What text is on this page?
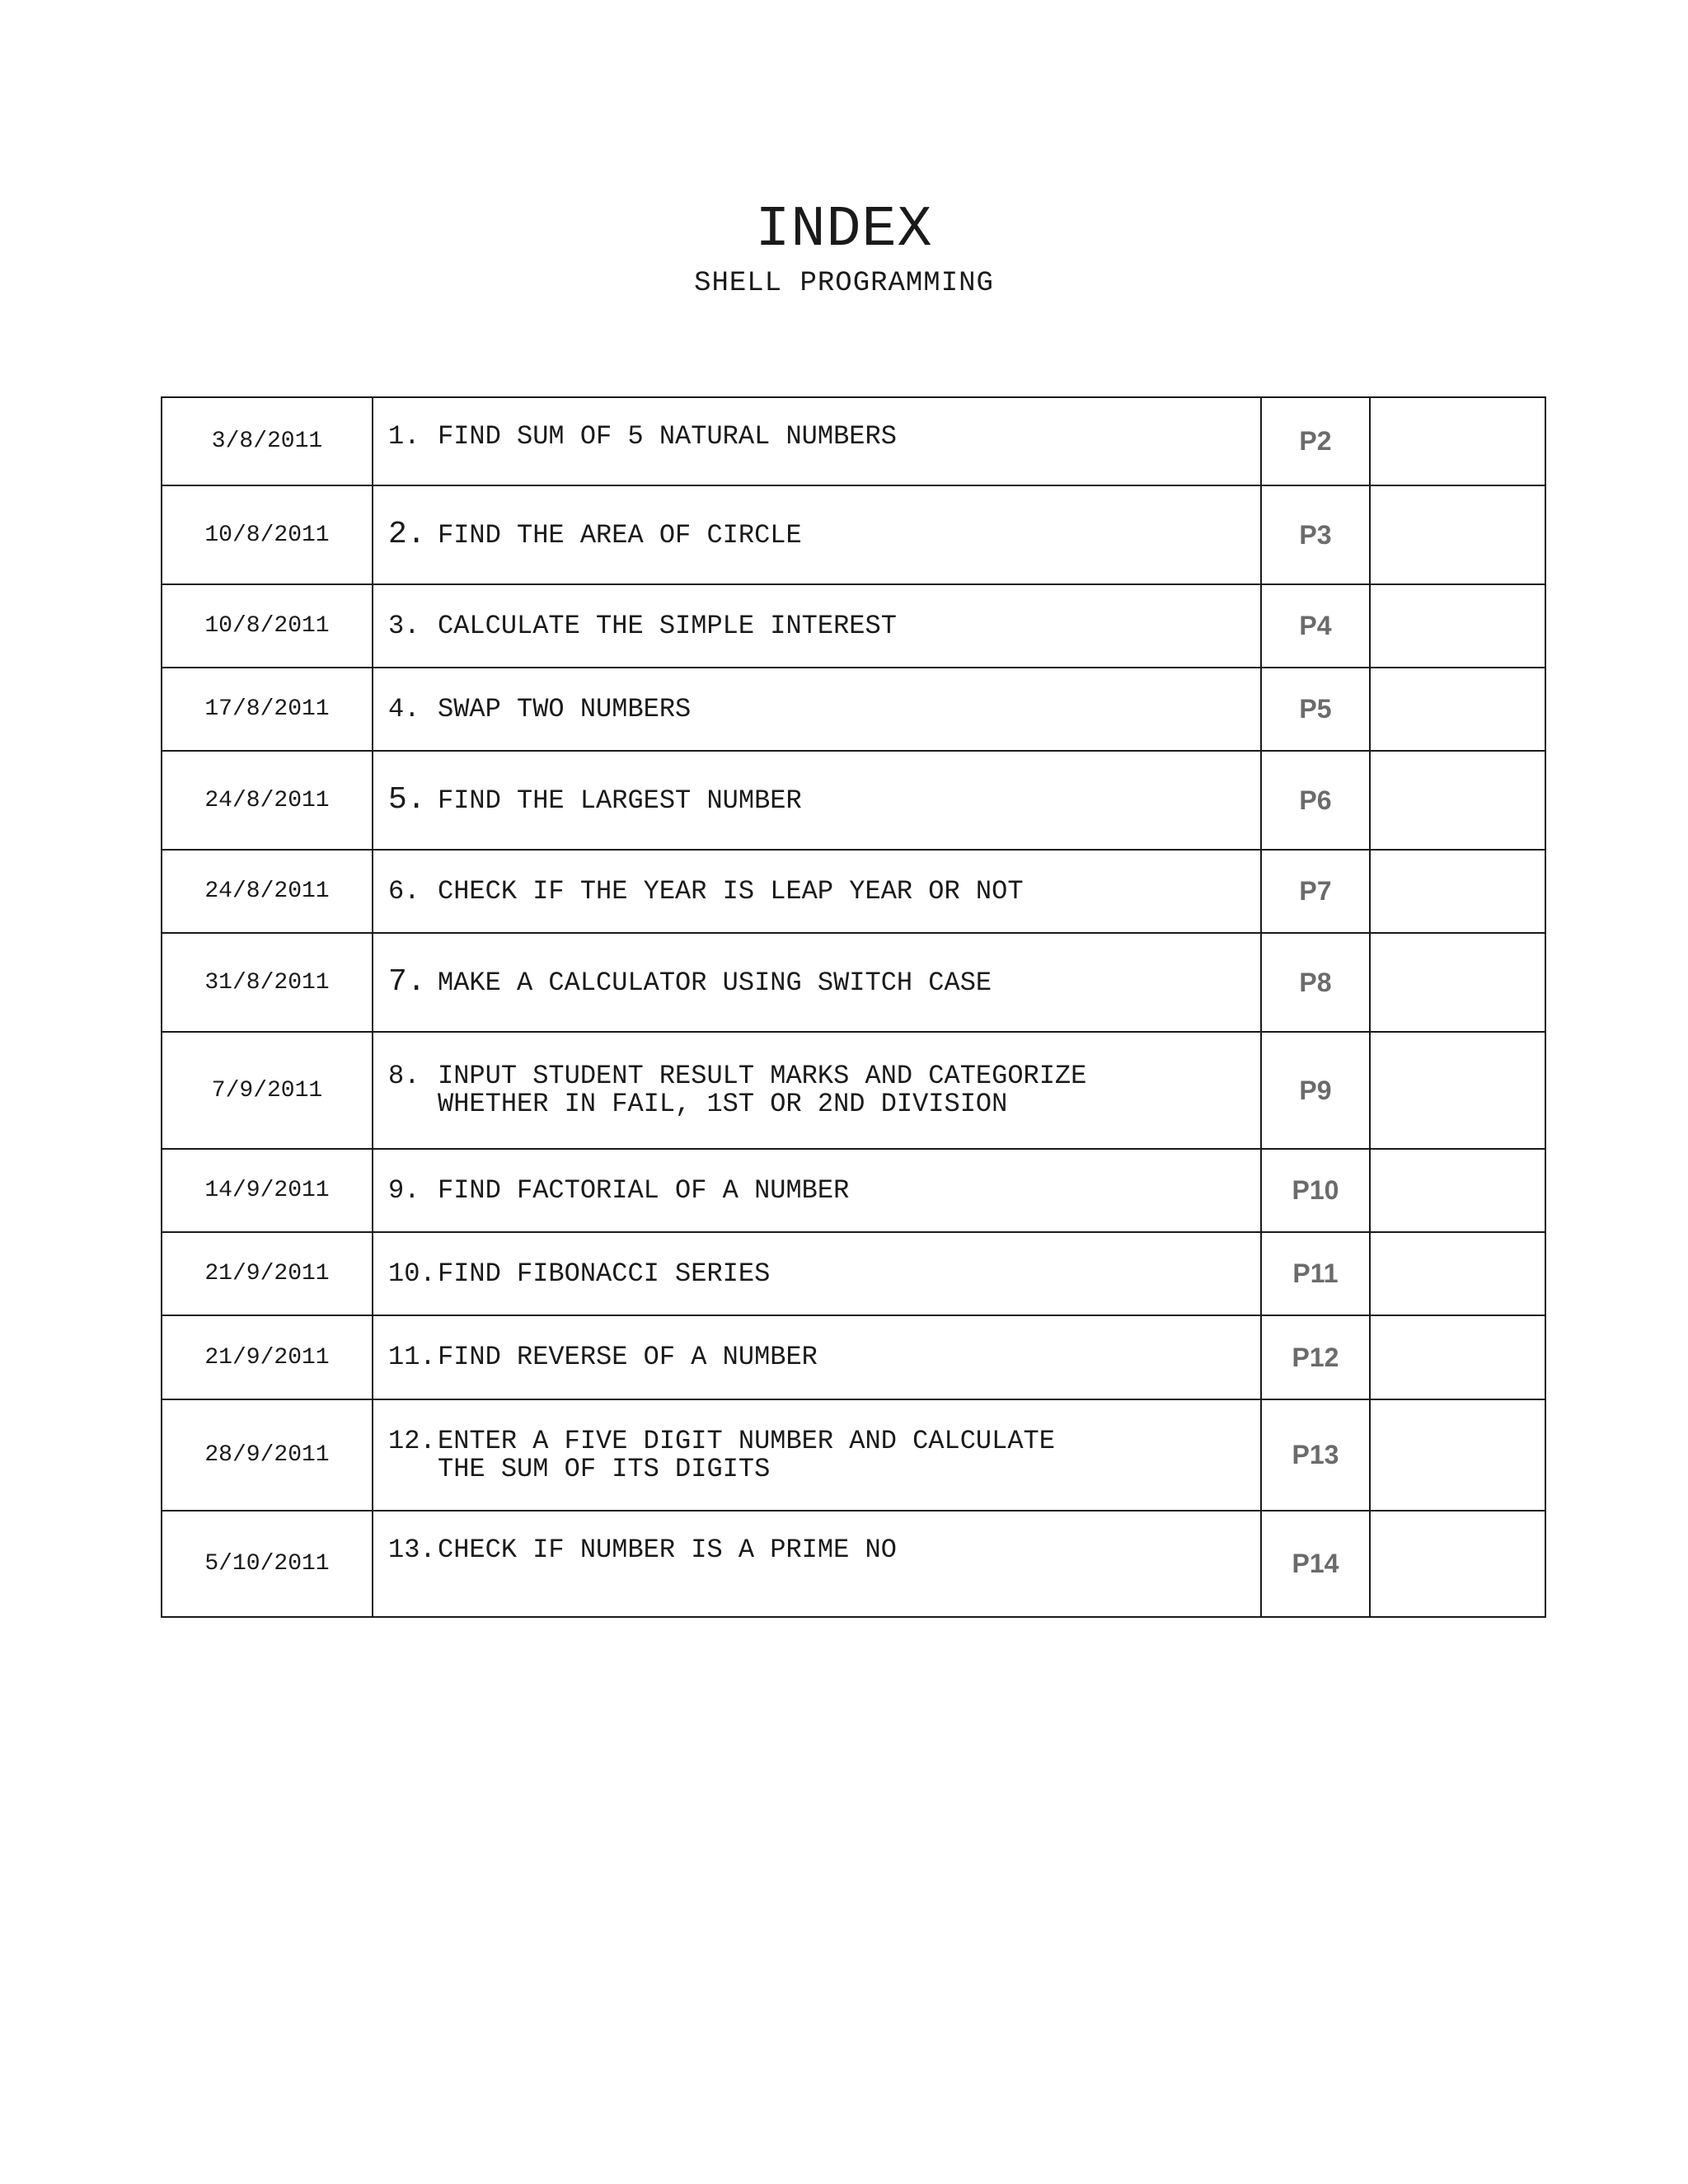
INDEX
SHELL PROGRAMMING
3/8/2011	1. FIND SUM OF 5 NATURAL NUMBERS	P2	
10/8/2011	2. FIND THE AREA OF CIRCLE	P3	
10/8/2011	3. CALCULATE THE SIMPLE INTEREST	P4	
17/8/2011	4. SWAP TWO NUMBERS	P5	
24/8/2011	5. FIND THE LARGEST NUMBER	P6	
24/8/2011	6. CHECK IF THE YEAR IS LEAP YEAR OR NOT	P7	
31/8/2011	7. MAKE A CALCULATOR USING SWITCH CASE	P8	
7/9/2011	8. INPUT STUDENT RESULT MARKS AND CATEGORIZE
WHETHER IN FAIL, 1ST OR 2ND DIVISION	P9	
14/9/2011	9. FIND FACTORIAL OF A NUMBER	P10	
21/9/2011	10. FIND FIBONACCI SERIES	P11	
21/9/2011	11. FIND REVERSE OF A NUMBER	P12	
28/9/2011	12. ENTER A FIVE DIGIT NUMBER AND CALCULATE
THE SUM OF ITS DIGITS	P13	
5/10/2011	13. CHECK IF NUMBER IS A PRIME NO	P14	
